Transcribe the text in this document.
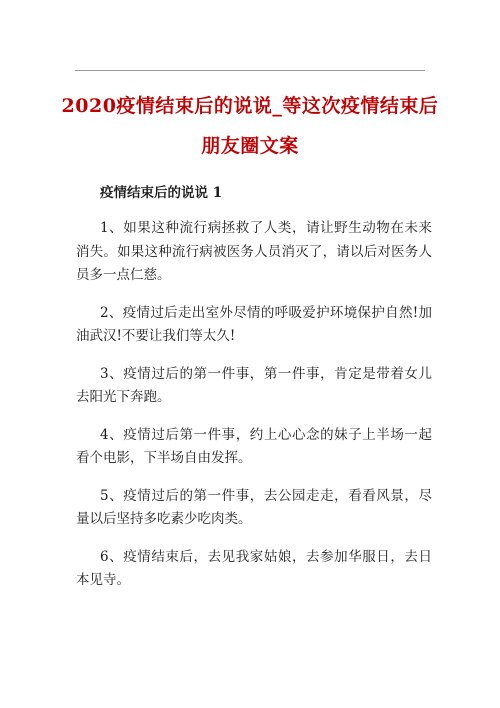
2020疫情结束后的说说_等这次疫情结束后朋友圈文案
疫情结束后的说说 1

1、如果这种流行病拯救了人类，请让野生动物在未来消失。如果这种流行病被医务人员消灭了，请以后对医务人员多一点仁慈。

2、疫情过后走出室外尽情的呼吸爱护环境保护自然!加油武汉!不要让我们等太久!

3、疫情过后的第一件事，第一件事，肯定是带着女儿去阳光下奔跑。

4、疫情过后第一件事，约上心心念的妹子上半场一起看个电影，下半场自由发挥。

5、疫情过后的第一件事，去公园走走，看看风景，尽量以后坚持多吃素少吃肉类。

6、疫情结束后，去见我家姑娘，去参加华服日，去日本见寺。
